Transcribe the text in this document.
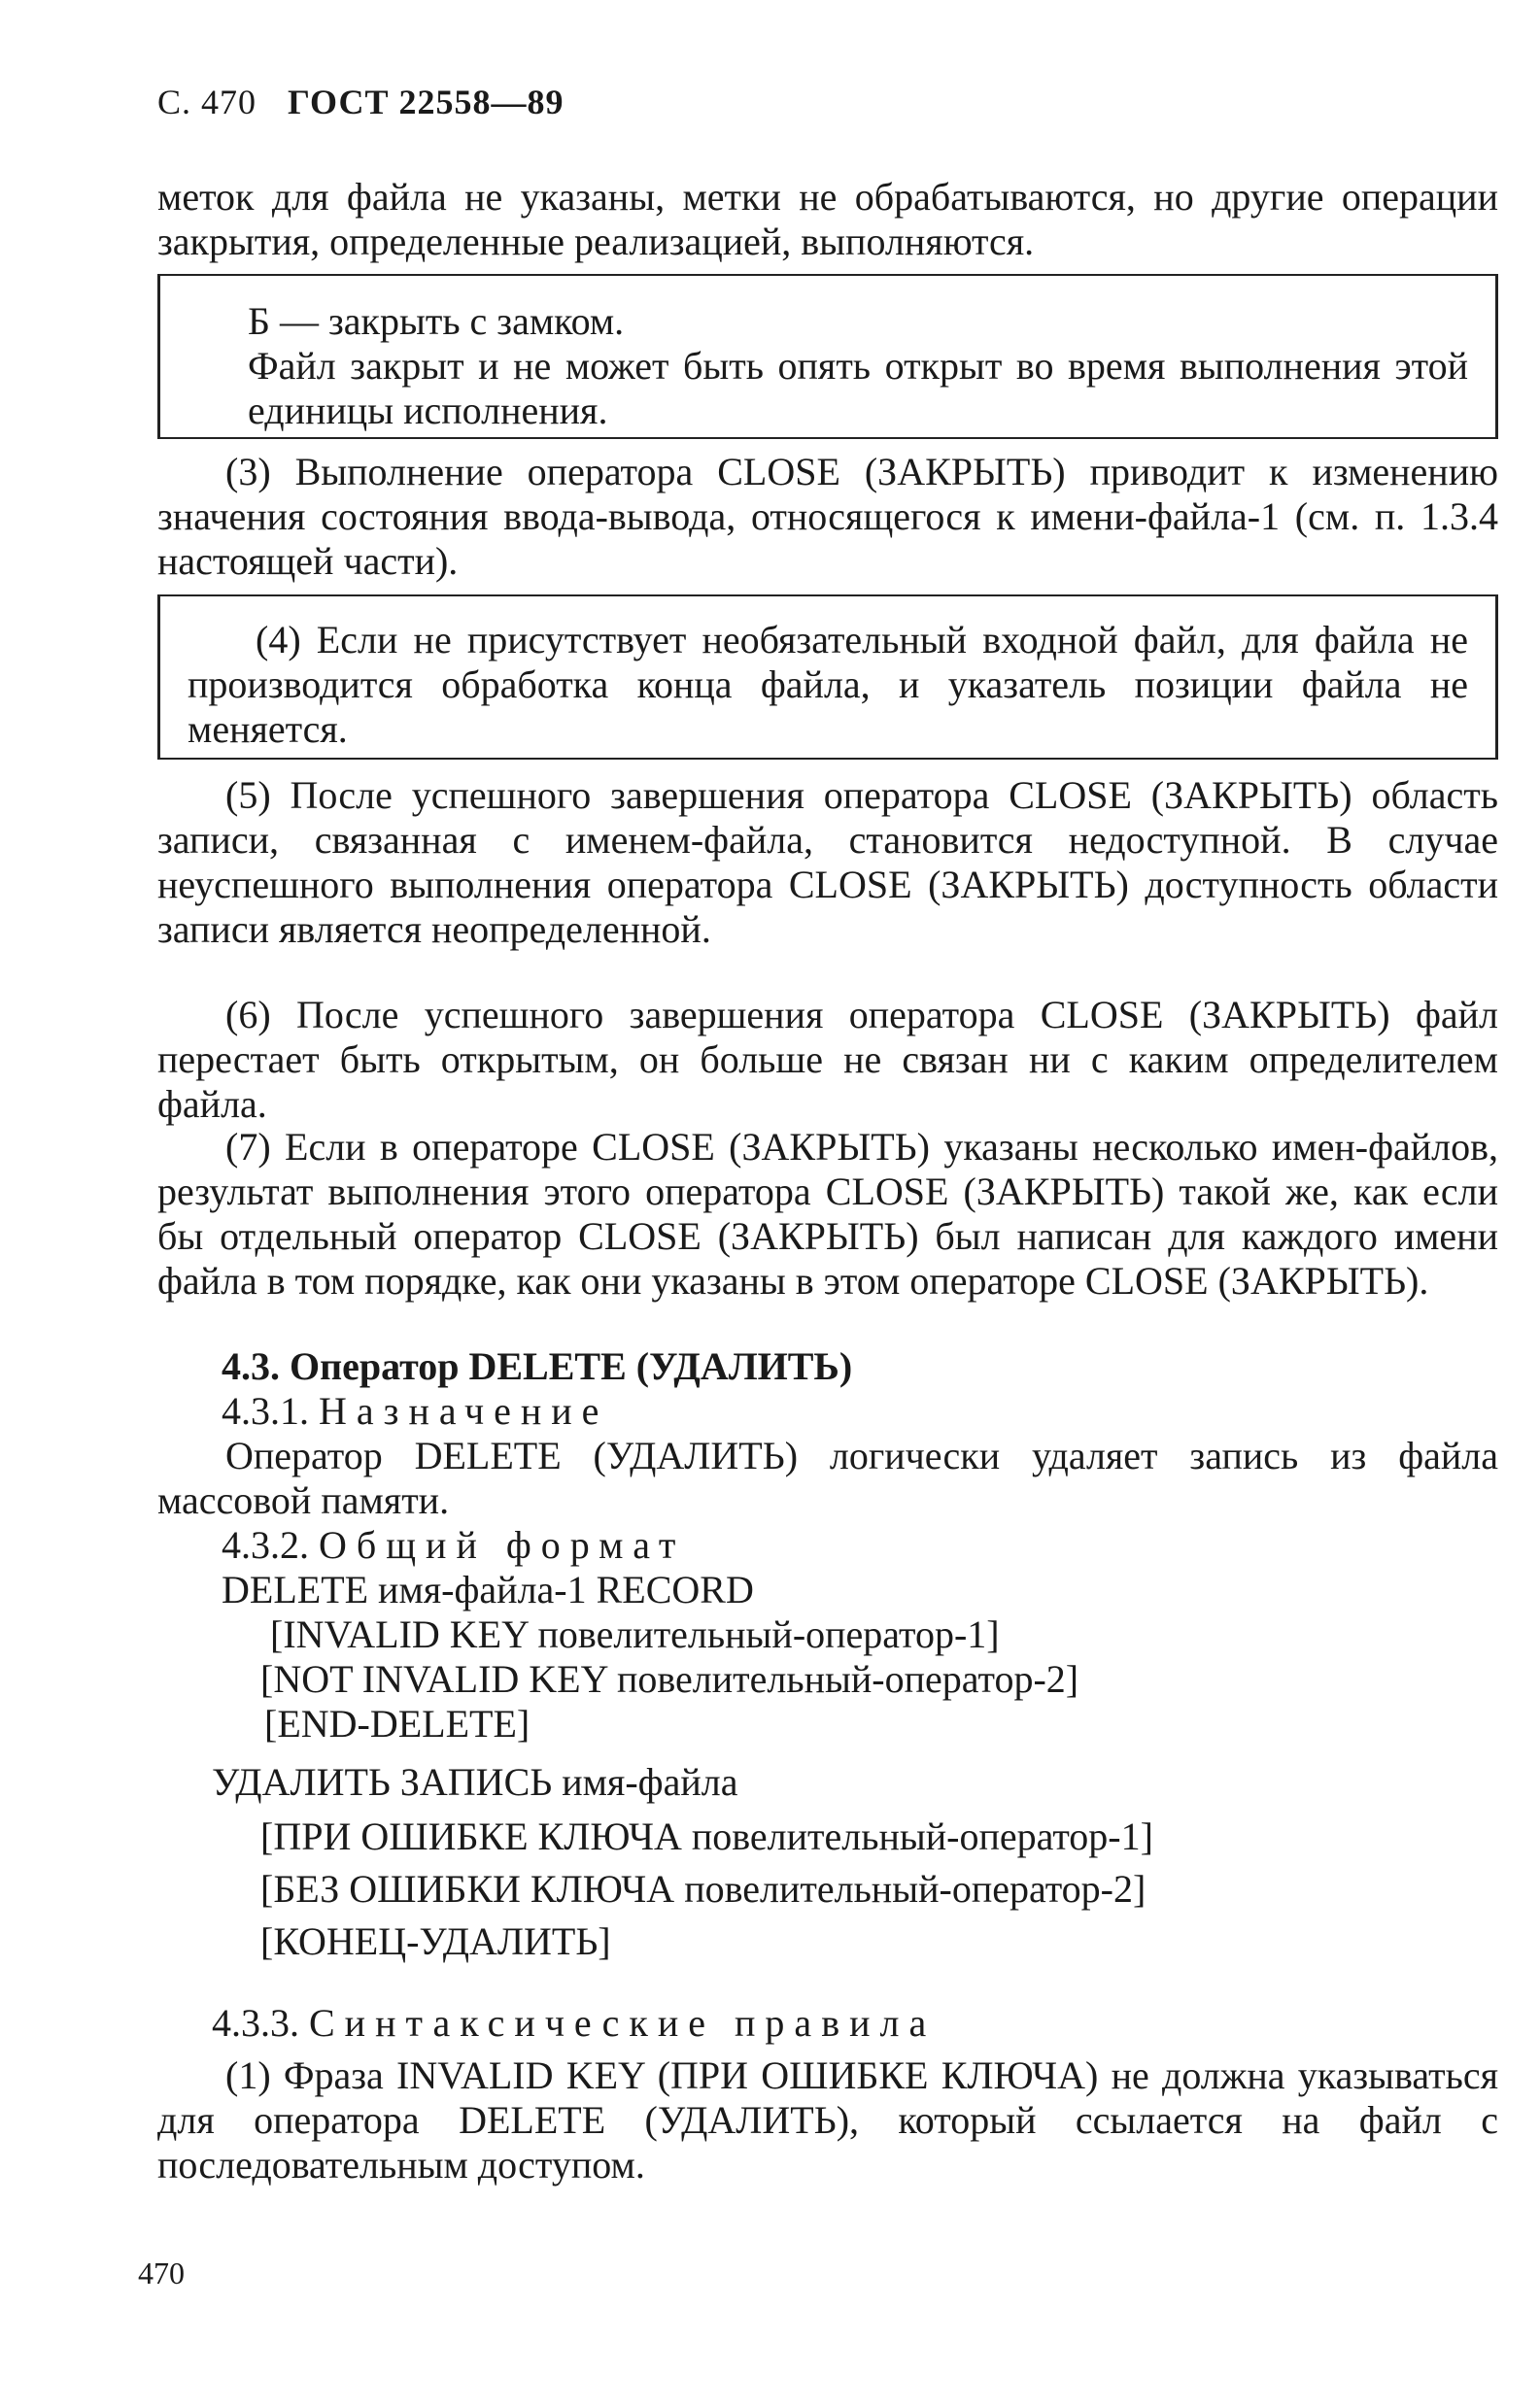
С. 470 ГОСТ 22558—89

меток для файла не указаны, метки не обрабатываются, но другие операции закрытия, определенные реализацией, выполняются.

Б — закрыть с замком.

Файл закрыт и не может быть опять открыт во время выполнения этой единицы исполнения.

(3) Выполнение оператора CLOSE (ЗАКРЫТЬ) приводит к изменению значения состояния ввода-вывода, относящегося к имени-файла-1 (см. п. 1.3.4 настоящей части).

(4) Если не присутствует необязательный входной файл, для файла не производится обработка конца файла, и указатель позиции файла не меняется.

(5) После успешного завершения оператора CLOSE (ЗАКРЫТЬ) область записи, связанная с именем-файла, становится недоступной. В случае неуспешного выполнения оператора CLOSE (ЗАКРЫТЬ) доступность области записи является неопределенной.

(6) После успешного завершения оператора CLOSE (ЗАКРЫТЬ) файл перестает быть открытым, он больше не связан ни с каким определителем файла.

(7) Если в операторе CLOSE (ЗАКРЫТЬ) указаны несколько имен-файлов, результат выполнения этого оператора CLOSE (ЗАКРЫТЬ) такой же, как если бы отдельный оператор CLOSE (ЗАКРЫТЬ) был написан для каждого имени файла в том порядке, как они указаны в этом операторе CLOSE (ЗАКРЫТЬ).

4.3. Оператор DELETE (УДАЛИТЬ)
4.3.1. Назначение

Оператор DELETE (УДАЛИТЬ) логически удаляет запись из файла массовой памяти.

4.3.2. Общий формат
DELETE имя-файла-1 RECORD
[INVALID KEY повелительный-оператор-1]
[NOT INVALID KEY повелительный-оператор-2]
[END-DELETE]
УДАЛИТЬ ЗАПИСЬ имя-файла
[ПРИ ОШИБКЕ КЛЮЧА повелительный-оператор-1]
[БЕЗ ОШИБКИ КЛЮЧА повелительный-оператор-2]
[КОНЕЦ-УДАЛИТЬ]
4.3.3. Синтаксические правила

(1) Фраза INVALID KEY (ПРИ ОШИБКЕ КЛЮЧА) не должна указываться для оператора DELETE (УДАЛИТЬ), который ссылается на файл с последовательным доступом.

470
